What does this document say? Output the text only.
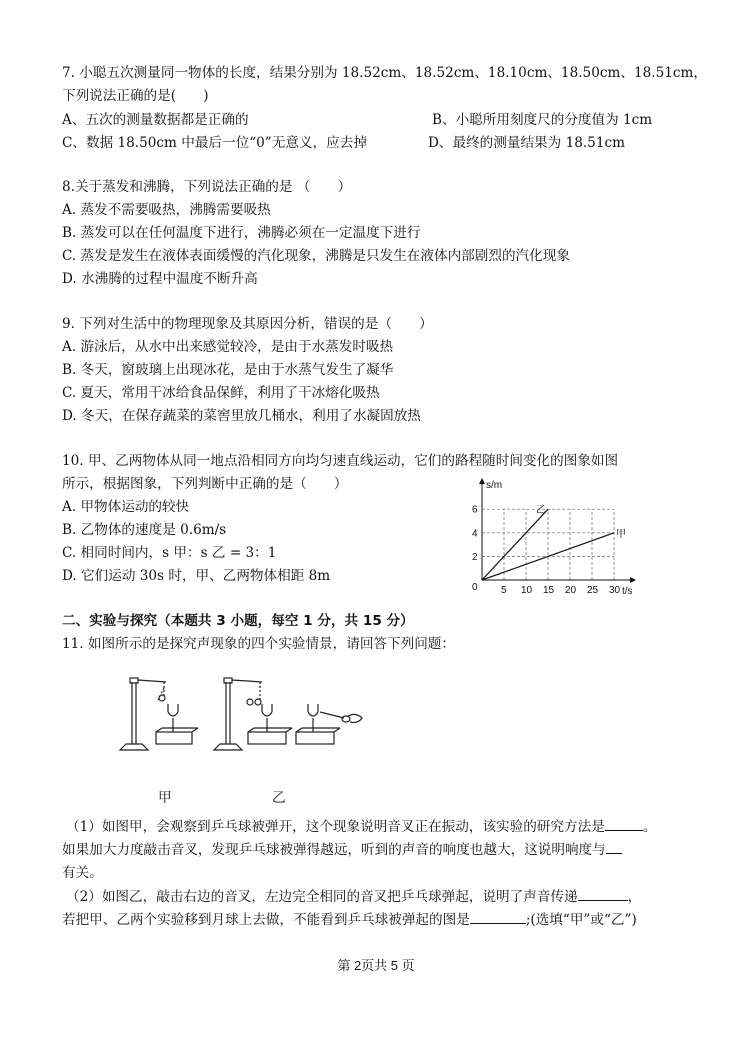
7. 小聪五次测量同一物体的长度，结果分别为 18.52cm、18.52cm、18.10cm、18.50cm、18.51cm，
下列说法正确的是(　　)
A、五次的测量数据都是正确的	B、小聪所用刻度尺的分度值为 1cm
C、数据 18.50cm 中最后一位“0”无意义，应去掉	D、最终的测量结果为 18.51cm
8.关于蒸发和沸腾，下列说法正确的是 （　　）
A. 蒸发不需要吸热，沸腾需要吸热
B. 蒸发可以在任何温度下进行，沸腾必须在一定温度下进行
C. 蒸发是发生在液体表面缓慢的汽化现象，沸腾是只发生在液体内部剧烈的汽化现象
D. 水沸腾的过程中温度不断升高
9. 下列对生活中的物理现象及其原因分析，错误的是（　　）
A. 游泳后，从水中出来感觉较冷，是由于水蒸发时吸热
B. 冬天，窗玻璃上出现冰花，是由于水蒸气发生了凝华
C. 夏天，常用干冰给食品保鲜，利用了干冰熔化吸热
D. 冬天，在保存蔬菜的菜窖里放几桶水，利用了水凝固放热
10. 甲、乙两物体从同一地点沿相同方向均匀速直线运动，它们的路程随时间变化的图象如图
所示，根据图象，下列判断中正确的是（　　）
A. 甲物体运动的较快
B. 乙物体的速度是 0.6m/s
C. 相同时间内，s 甲：s 乙 = 3：1
D. 它们运动 30s 时，甲、乙两物体相距 8m
s/m
t/s
0
2
4
6
5 10 15 20 25 30
乙
甲
二、实验与探究（本题共 3 小题，每空 1 分，共 15 分）
11. 如图所示的是探究声现象的四个实验情景，请回答下列问题：
甲	乙
（1）如图甲，会观察到乒乓球被弹开，这个现象说明音叉正在振动，该实验的研究方法是	。
如果加大力度敲击音叉，发现乒乓球被弹得越远，听到的声音的响度也越大，这说明响度与
有关。
（2）如图乙，敲击右边的音叉，左边完全相同的音叉把乒乓球弹起，说明了声音传递	，
若把甲、乙两个实验移到月球上去做，不能看到乒乓球被弹起的图是	;(选填“甲”或“乙”)
第 2页共 5 页
